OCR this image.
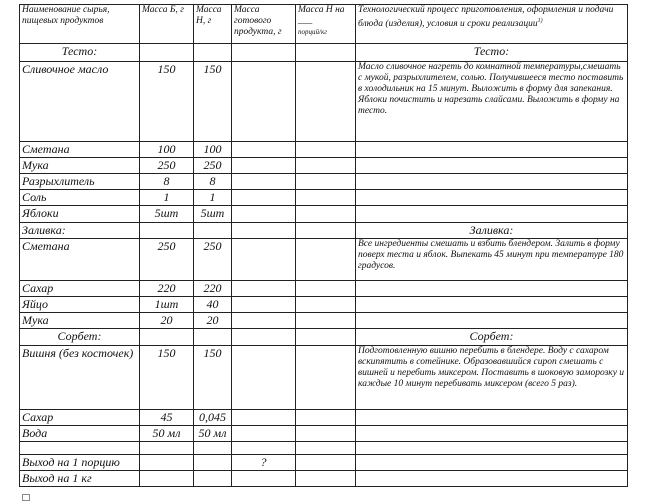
Наименование сырья, пищевых продуктов	Масса Б, г	Масса Н, г	Масса готового продукта, г	Масса Н на ___
порций/кг	Технологический процесс приготовления, оформления и подачи блюда (изделия), условия и сроки реализации$^{1)}$
Тесто:					Тесто:
Сливочное масло	150	150			Масло сливочное нагреть до комнатной температуры,смешать с мукой, разрыхлителем, солью. Получившееся тесто поставить в холодильник на 15 минут. Выложить в форму для запекания. Яблоки почистить и нарезать слайсами. Выложить в форму на тесто.
Сметана	100	100			
Мука	250	250			
Разрыхлитель	8	8			
Соль	1	1			
Яблоки	5шт	5шт			
Заливка:					Заливка:
Сметана	250	250			Все ингредиенты смешать и взбить блендером. Залить в форму поверх теста и яблок. Выпекать 45 минут при температуре 180 градусов.
Сахар	220	220			
Яйцо	1шт	40			
Мука	20	20			
Сорбет:					Сорбет:
Вишня (без косточек)	150	150			Подготовленную вишню перебить в блендере. Воду с сахаром вскипятить в сотейнике. Образовавшийся сироп смешать с вишней и перебить миксером. Поставить в шоковую заморозку и каждые 10 минут перебивать миксером (всего 5 раз).
Сахар	45	0,045			
Вода	50 мл	50 мл			

Выход на 1 порцию			?		
Выход на 1 кг					
